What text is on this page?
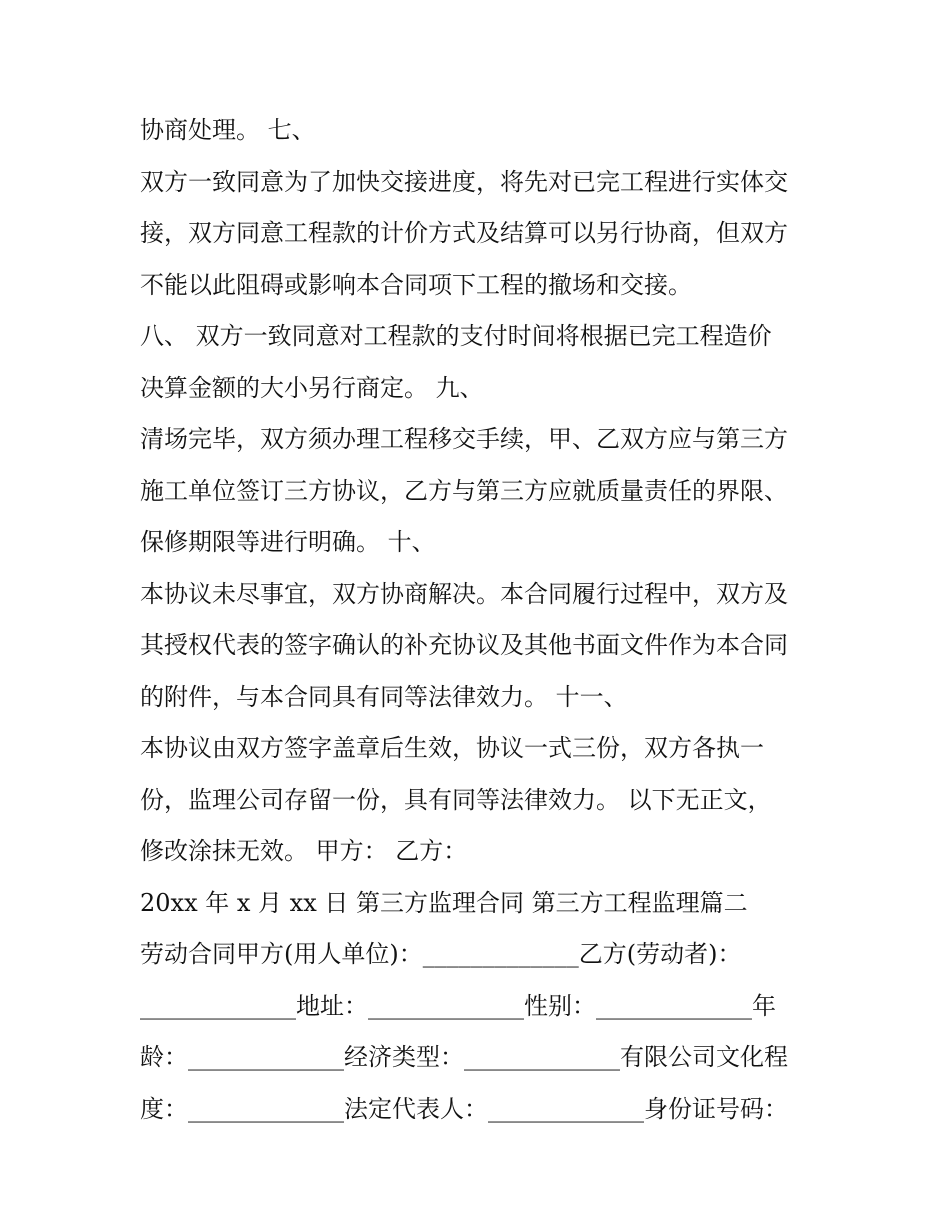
协商处理。 七、
双方一致同意为了加快交接进度，将先对已完工程进行实体交
接，双方同意工程款的计价方式及结算可以另行协商，但双方
不能以此阻碍或影响本合同项下工程的撤场和交接。
八、 双方一致同意对工程款的支付时间将根据已完工程造价
决算金额的大小另行商定。 九、
清场完毕，双方须办理工程移交手续，甲、乙双方应与第三方
施工单位签订三方协议，乙方与第三方应就质量责任的界限、
保修期限等进行明确。 十、
本协议未尽事宜，双方协商解决。本合同履行过程中，双方及
其授权代表的签字确认的补充协议及其他书面文件作为本合同
的附件，与本合同具有同等法律效力。 十一、
本协议由双方签字盖章后生效，协议一式三份，双方各执一
份，监理公司存留一份，具有同等法律效力。 以下无正文，
修改涂抹无效。 甲方： 乙方：
20xx 年 x 月 xx 日 第三方监理合同 第三方工程监理篇二
劳动合同甲方(用人单位)：_____________乙方(劳动者)：
_____________地址：_____________性别：_____________年
龄：_____________经济类型：_____________有限公司文化程
度：_____________法定代表人：_____________身份证号码：
